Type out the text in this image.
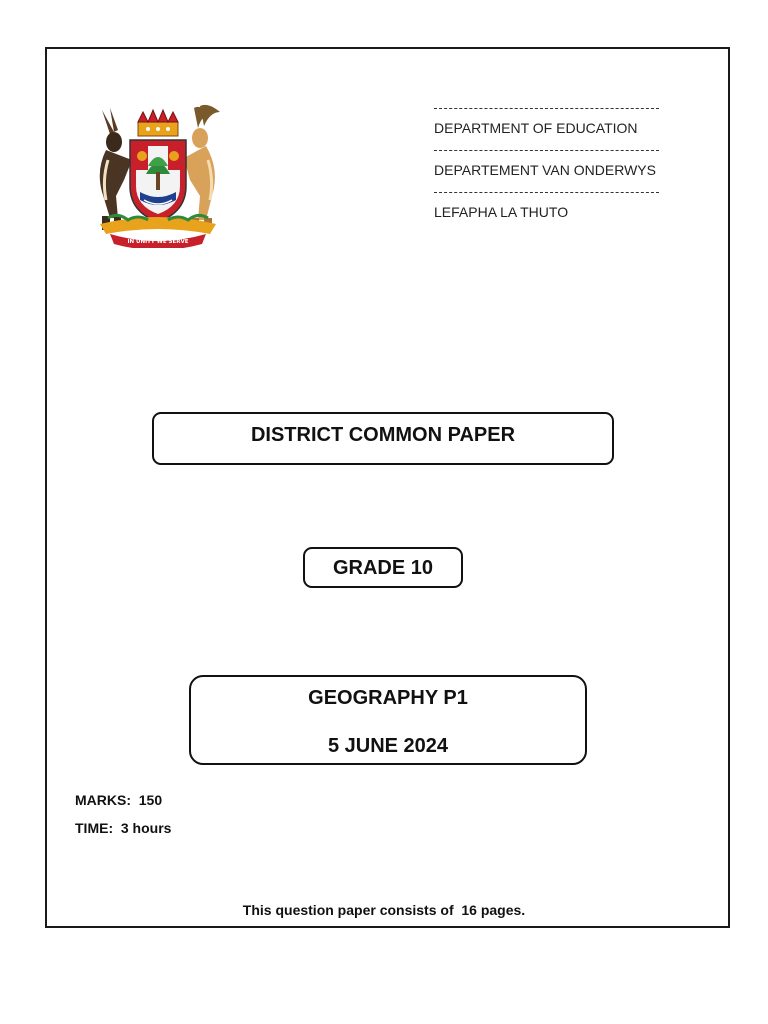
IN UNITY WE SERVE
DEPARTMENT OF EDUCATION
DEPARTEMENT VAN ONDERWYS
LEFAPHA LA THUTO
DISTRICT COMMON PAPER
GRADE 10
GEOGRAPHY P1
5 JUNE 2024
MARKS:  150
TIME:  3 hours
This question paper consists of  16 pages.
